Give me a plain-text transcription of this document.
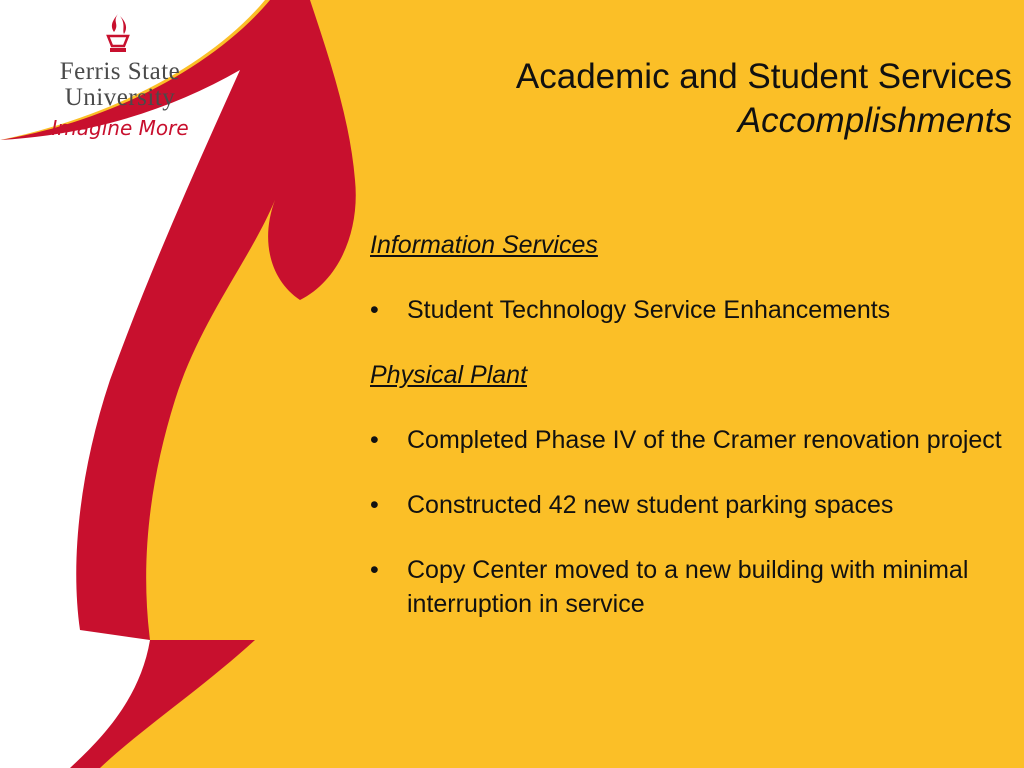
Ferris State
University
Imagine More
Academic and Student Services
Accomplishments
Information Services
• Student Technology Service Enhancements
Physical Plant
• Completed Phase IV of the Cramer renovation project
• Constructed 42 new student parking spaces
• Copy Center moved to a new building with minimal interruption in service
